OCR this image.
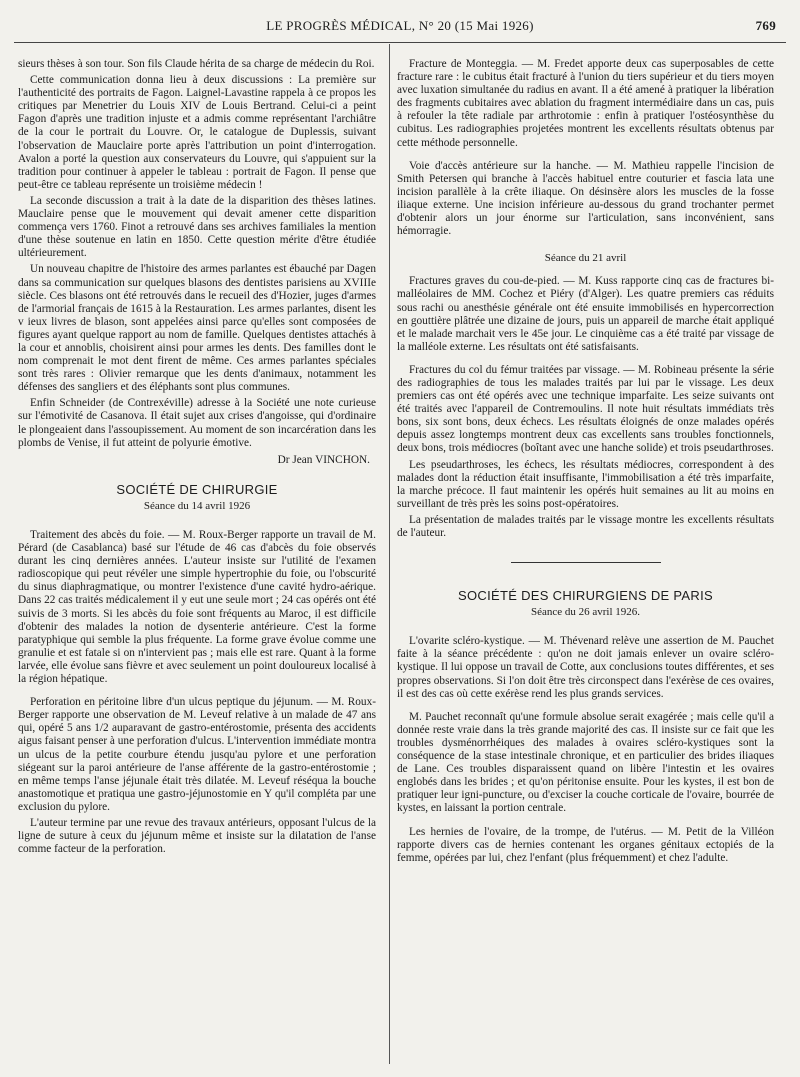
LE PROGRÈS MÉDICAL, N° 20 (15 Mai 1926)	769

sieurs thèses à son tour. Son fils Claude hérita de sa charge de médecin du Roi.

Cette communication donna lieu à deux discussions : La première sur l'authenticité des portraits de Fagon. Laignel-Lavastine rappela à ce propos les critiques par Menetrier du Louis XIV de Louis Bertrand. Celui-ci a peint Fagon d'après une tradition injuste et a admis comme représentant l'archiâtre de la cour le portrait du Louvre. Or, le catalogue de Duplessis, suivant l'observation de Mauclaire porte après l'attribution un point d'interrogation. Avalon a porté la question aux conservateurs du Louvre, qui s'appuient sur la tradition pour continuer à appeler le tableau : portrait de Fagon. Il pense que peut-être ce tableau représente un troisième médecin !

La seconde discussion a trait à la date de la disparition des thèses latines. Mauclaire pense que le mouvement qui devait amener cette disparition commença vers 1760. Finot a retrouvé dans ses archives familiales la mention d'une thèse soutenue en latin en 1850. Cette question mérite d'être étudiée ultérieurement.

Un nouveau chapitre de l'histoire des armes parlantes est ébauché par Dagen dans sa communication sur quelques blasons des dentistes parisiens au XVIIIe siècle. Ces blasons ont été retrouvés dans le recueil des d'Hozier, juges d'armes de l'armorial français de 1615 à la Restauration. Les armes parlantes, disent les v ieux livres de blason, sont appelées ainsi parce qu'elles sont composées de figures ayant quelque rapport au nom de famille. Quelques dentistes attachés à la cour et annoblis, choisirent ainsi pour armes les dents. Des familles dont le nom comprenait le mot dent firent de même. Ces armes parlantes spéciales sont très rares : Olivier remarque que les dents d'animaux, notamment les défenses des sangliers et des éléphants sont plus communes.

Enfin Schneider (de Contrexéville) adresse à la Société une note curieuse sur l'émotivité de Casanova. Il était sujet aux crises d'angoisse, qui d'ordinaire le plongeaient dans l'assoupissement. Au moment de son incarcération dans les plombs de Venise, il fut atteint de polyurie émotive.

Dr Jean VINCHON.
SOCIÉTÉ DE CHIRURGIE
Séance du 14 avril 1926

Traitement des abcès du foie. — M. Roux-Berger rapporte un travail de M. Pérard (de Casablanca) basé sur l'étude de 46 cas d'abcès du foie observés durant les cinq dernières années. L'auteur insiste sur l'utilité de l'examen radioscopique qui peut révéler une simple hypertrophie du foie, ou l'obscurité du sinus diaphragmatique, ou montrer l'existence d'une cavité hydro-aérique. Dans 22 cas traités médicalement il y eut une seule mort ; 24 cas opérés ont été suivis de 3 morts. Si les abcès du foie sont fréquents au Maroc, il est difficile d'obtenir des malades la notion de dysenterie antérieure. C'est la forme paratyphique qui semble la plus fréquente. La forme grave évolue comme une granulie et est fatale si on n'intervient pas ; mais elle est rare. Quant à la forme larvée, elle évolue sans fièvre et avec seulement un point douloureux localisé à la région hépatique.

Perforation en péritoine libre d'un ulcus peptique du jéjunum. — M. Roux-Berger rapporte une observation de M. Leveuf relative à un malade de 47 ans qui, opéré 5 ans 1/2 auparavant de gastro-entérostomie, présenta des accidents aigus faisant penser à une perforation d'ulcus. L'intervention immédiate montra un ulcus de la petite courbure étendu jusqu'au pylore et une perforation siégeant sur la paroi antérieure de l'anse afférente de la gastro-entérostomie ; en même temps l'anse jéjunale était très dilatée. M. Leveuf réséqua la bouche anastomotique et pratiqua une gastro-jéjunostomie en Y qu'il compléta par une exclusion du pylore.

L'auteur termine par une revue des travaux antérieurs, opposant l'ulcus de la ligne de suture à ceux du jéjunum même et insiste sur la dilatation de l'anse comme facteur de la perforation.

Fracture de Monteggia. — M. Fredet apporte deux cas superposables de cette fracture rare : le cubitus était fracturé à l'union du tiers supérieur et du tiers moyen avec luxation simultanée du radius en avant. Il a été amené à pratiquer la libération des fragments cubitaires avec ablation du fragment intermédiaire dans un cas, puis à refouler la tête radiale par arthrotomie : enfin à pratiquer l'ostéosynthèse du cubitus. Les radiographies projetées montrent les excellents résultats obtenus par cette méthode personnelle.

Voie d'accès antérieure sur la hanche. — M. Mathieu rappelle l'incision de Smith Petersen qui branche à l'accès habituel entre couturier et fascia lata une incision parallèle à la crête iliaque. On désinsère alors les muscles de la fosse iliaque externe. Une incision inférieure au-dessous du grand trochanter permet d'obtenir alors un jour énorme sur l'articulation, sans inconvénient, sans hémorragie.

Séance du 21 avril

Fractures graves du cou-de-pied. — M. Kuss rapporte cinq cas de fractures bi-malléolaires de MM. Cochez et Piéry (d'Alger). Les quatre premiers cas réduits sous rachi ou anesthésie générale ont été ensuite immobilisés en hypercorrection en gouttière plâtrée une dizaine de jours, puis un appareil de marche était appliqué et le malade marchait vers le 45e jour. Le cinquième cas a été traité par vissage de la malléole externe. Les résultats ont été satisfaisants.

Fractures du col du fémur traitées par vissage. — M. Robineau présente la série des radiographies de tous les malades traités par lui par le vissage. Les deux premiers cas ont été opérés avec une technique imparfaite. Les seize suivants ont été traités avec l'appareil de Contremoulins. Il note huit résultats immédiats très bons, six sont bons, deux échecs. Les résultats éloignés de onze malades opérés depuis assez longtemps montrent deux cas excellents sans troubles fonctionnels, deux bons, trois médiocres (boîtant avec une hanche solide) et trois pseudarthroses.

Les pseudarthroses, les échecs, les résultats médiocres, correspondent à des malades dont la réduction était insuffisante, l'immobilisation a été très imparfaite, la marche précoce. Il faut maintenir les opérés huit semaines au lit au moins en surveillant de très près les soins post-opératoires.

La présentation de malades traités par le vissage montre les excellents résultats de l'auteur.

SOCIÉTÉ DES CHIRURGIENS DE PARIS
Séance du 26 avril 1926.

L'ovarite scléro-kystique. — M. Thévenard relève une assertion de M. Pauchet faite à la séance précédente : qu'on ne doit jamais enlever un ovaire scléro-kystique. Il lui oppose un travail de Cotte, aux conclusions toutes différentes, et ses propres observations. Si l'on doit être très circonspect dans l'exérèse de ces ovaires, il est des cas où cette exérèse rend les plus grands services.

M. Pauchet reconnaît qu'une formule absolue serait exagérée ; mais celle qu'il a donnée reste vraie dans la très grande majorité des cas. Il insiste sur ce fait que les troubles dysménorrhéiques des malades à ovaires scléro-kystiques sont la conséquence de la stase intestinale chronique, et en particulier des brides iliaques de Lane. Ces troubles disparaissent quand on libère l'intestin et les ovaires englobés dans les brides ; et qu'on péritonise ensuite. Pour les kystes, il est bon de pratiquer leur igni-puncture, ou d'exciser la couche corticale de l'ovaire, bourrée de kystes, en laissant la portion centrale.

Les hernies de l'ovaire, de la trompe, de l'utérus. — M. Petit de la Villéon rapporte divers cas de hernies contenant les organes génitaux ectopiés de la femme, opérées par lui, chez l'enfant (plus fréquemment) et chez l'adulte.
